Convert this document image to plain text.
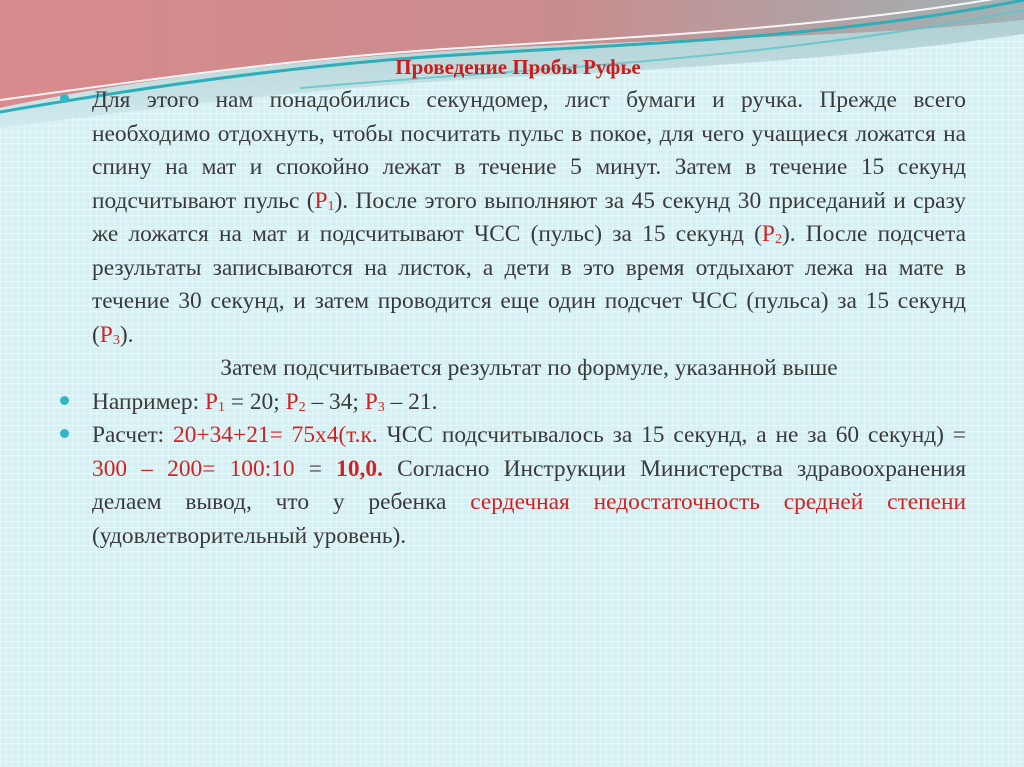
Проведение Пробы Руфье
Для этого нам понадобились секундомер, лист бумаги и ручка. Прежде всего необходимо отдохнуть, чтобы посчитать пульс в покое, для чего учащиеся ложатся на спину на мат и спокойно лежат в течение 5 минут. Затем в течение 15 секунд подсчитывают пульс $(P_1)$. После этого выполняют за 45 секунд 30 приседаний и сразу же ложатся на мат и подсчитывают ЧСС (пульс) за 15 секунд $(P_2)$. После подсчета результаты записываются на листок, а дети в это время отдыхают лежа на мате в течение 30 секунд, и затем проводится еще один подсчет ЧСС (пульса) за 15 секунд $(P_3)$.
Затем подсчитывается результат по формуле, указанной выше
Например: $P_1 = 20$; $P_2 - 34$; $P_3 - 21$.
Расчет: 20+34+21= 75х4(т.к. ЧСС подсчитывалось за 15 секунд, а не за 60 секунд) = 300 – 200= 100:10 = 10,0. Согласно Инструкции Министерства здравоохранения делаем вывод, что у ребенка сердечная недостаточность средней степени (удовлетворительный уровень).
